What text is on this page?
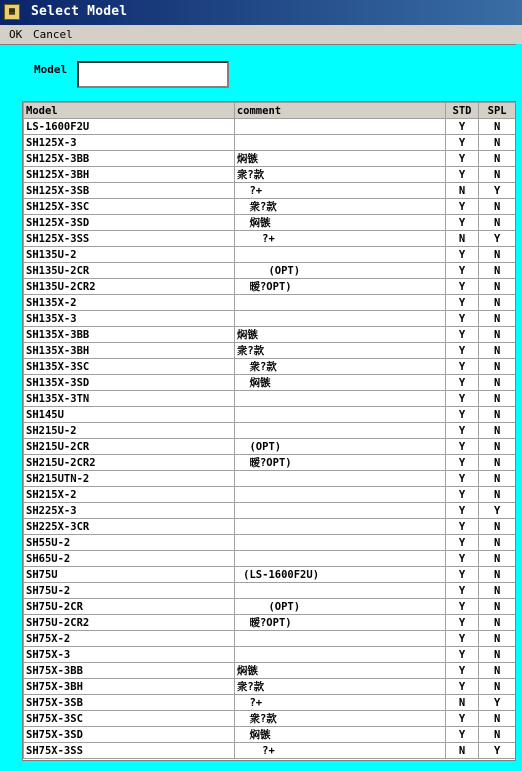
▦	Select Model
OK Cancel
Model
Model	comment	STD	SPL
LS-1600F2U		Y	N
SH125X-3		Y	N
SH125X-3BB	焖镞	Y	N
SH125X-3BH	衆?款	Y	N
SH125X-3SB	?+	N	Y
SH125X-3SC	衆?款	Y	N
SH125X-3SD	焖镞	Y	N
SH125X-3SS	?+	N	Y
SH135U-2		Y	N
SH135U-2CR	(OPT)	Y	N
SH135U-2CR2	暧?OPT)	Y	N
SH135X-2		Y	N
SH135X-3		Y	N
SH135X-3BB	焖镞	Y	N
SH135X-3BH	衆?款	Y	N
SH135X-3SC	衆?款	Y	N
SH135X-3SD	焖镞	Y	N
SH135X-3TN		Y	N
SH145U		Y	N
SH215U-2		Y	N
SH215U-2CR	(OPT)	Y	N
SH215U-2CR2	暧?OPT)	Y	N
SH215UTN-2		Y	N
SH215X-2		Y	N
SH225X-3		Y	Y
SH225X-3CR		Y	N
SH55U-2		Y	N
SH65U-2		Y	N
SH75U	(LS-1600F2U)	Y	N
SH75U-2		Y	N
SH75U-2CR	(OPT)	Y	N
SH75U-2CR2	暧?OPT)	Y	N
SH75X-2		Y	N
SH75X-3		Y	N
SH75X-3BB	焖镞	Y	N
SH75X-3BH	衆?款	Y	N
SH75X-3SB	?+	N	Y
SH75X-3SC	衆?款	Y	N
SH75X-3SD	焖镞	Y	N
SH75X-3SS	?+	N	Y
